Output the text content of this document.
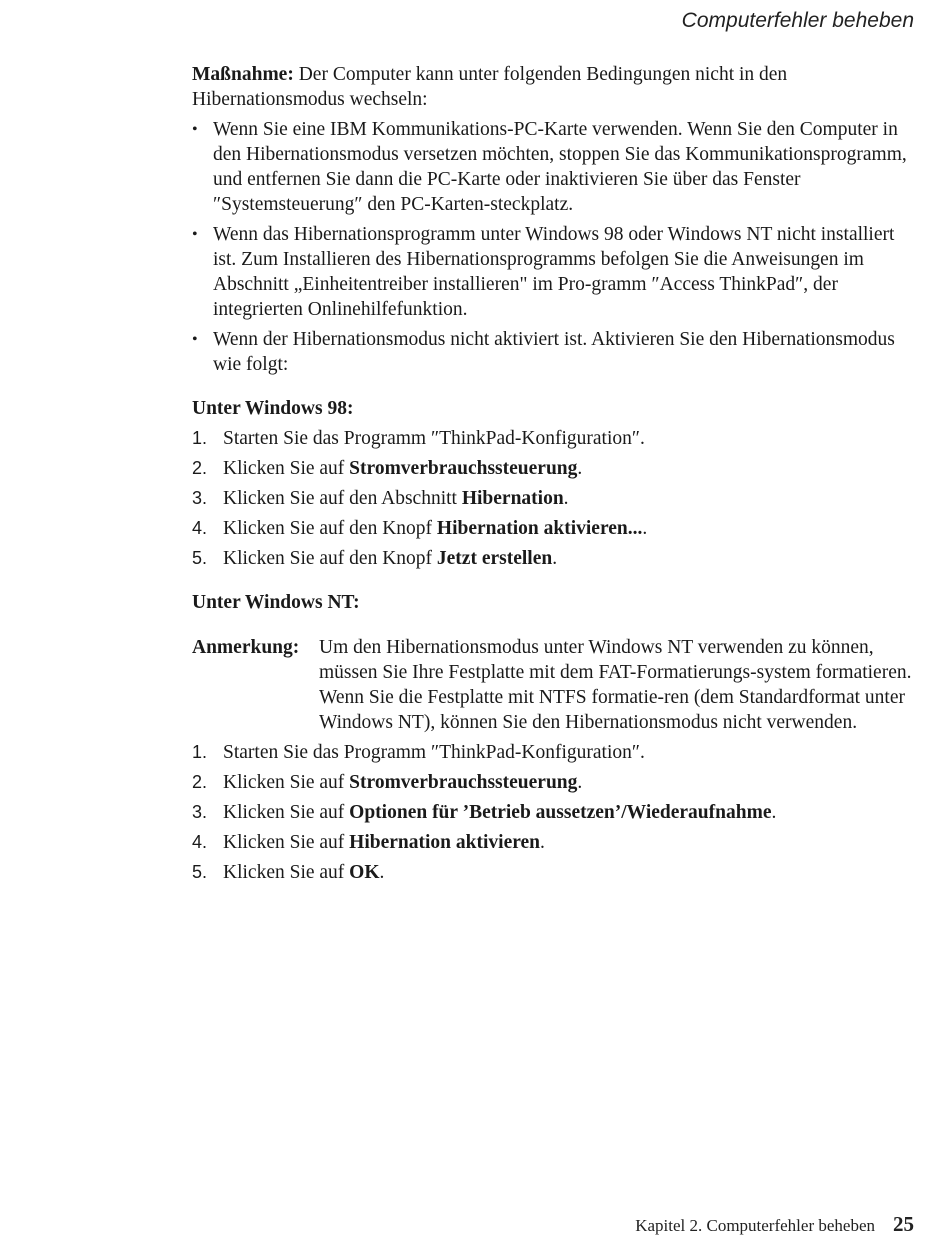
Computerfehler beheben

Maßnahme: Der Computer kann unter folgenden Bedingungen nicht in den Hibernationsmodus wechseln:

• Wenn Sie eine IBM Kommunikations-PC-Karte verwenden. Wenn Sie den Computer in den Hibernationsmodus versetzen möchten, stoppen Sie das Kommunikationsprogramm, und entfernen Sie dann die PC-Karte oder inaktivieren Sie über das Fenster ″Systemsteuerung″ den PC-Karten-steckplatz.
• Wenn das Hibernationsprogramm unter Windows 98 oder Windows NT nicht installiert ist. Zum Installieren des Hibernationsprogramms befolgen Sie die Anweisungen im Abschnitt „Einheitentreiber installieren" im Pro-gramm ″Access ThinkPad″, der integrierten Onlinehilfefunktion.
• Wenn der Hibernationsmodus nicht aktiviert ist. Aktivieren Sie den Hibernationsmodus wie folgt:

Unter Windows 98:

1. Starten Sie das Programm ″ThinkPad-Konfiguration″.
2. Klicken Sie auf Stromverbrauchssteuerung.
3. Klicken Sie auf den Abschnitt Hibernation.
4. Klicken Sie auf den Knopf Hibernation aktivieren....
5. Klicken Sie auf den Knopf Jetzt erstellen.

Unter Windows NT:

Anmerkung:	Um den Hibernationsmodus unter Windows NT verwenden zu können, müssen Sie Ihre Festplatte mit dem FAT-Formatierungs-system formatieren. Wenn Sie die Festplatte mit NTFS formatie-ren (dem Standardformat unter Windows NT), können Sie den Hibernationsmodus nicht verwenden.
1. Starten Sie das Programm ″ThinkPad-Konfiguration″.
2. Klicken Sie auf Stromverbrauchssteuerung.
3. Klicken Sie auf Optionen für ’Betrieb aussetzen’/Wiederaufnahme.
4. Klicken Sie auf Hibernation aktivieren.
5. Klicken Sie auf OK.
Kapitel 2. Computerfehler beheben 25
